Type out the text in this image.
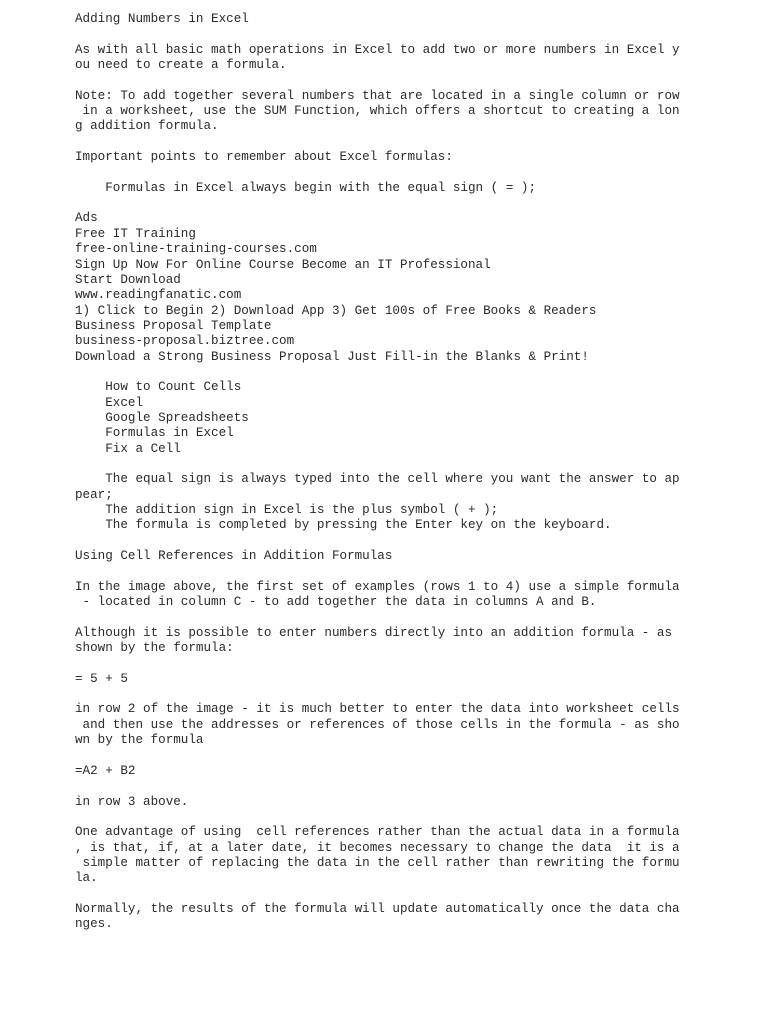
Adding Numbers in Excel
As with all basic math operations in Excel to add two or more numbers in Excel y
ou need to create a formula.
Note: To add together several numbers that are located in a single column or row
in a worksheet, use the SUM Function, which offers a shortcut to creating a lon
g addition formula.
Important points to remember about Excel formulas:
Formulas in Excel always begin with the equal sign ( = );
Ads
Free IT Training
free-online-training-courses.com
Sign Up Now For Online Course Become an IT Professional
Start Download
www.readingfanatic.com
1) Click to Begin 2) Download App 3) Get 100s of Free Books & Readers
Business Proposal Template
business-proposal.biztree.com
Download a Strong Business Proposal Just Fill-in the Blanks & Print!
How to Count Cells
Excel
Google Spreadsheets
Formulas in Excel
Fix a Cell
The equal sign is always typed into the cell where you want the answer to ap
pear;
The addition sign in Excel is the plus symbol ( + );
The formula is completed by pressing the Enter key on the keyboard.
Using Cell References in Addition Formulas
In the image above, the first set of examples (rows 1 to 4) use a simple formula
- located in column C - to add together the data in columns A and B.
Although it is possible to enter numbers directly into an addition formula - as
shown by the formula:
= 5 + 5
in row 2 of the image - it is much better to enter the data into worksheet cells
and then use the addresses or references of those cells in the formula - as sho
wn by the formula
=A2 + B2
in row 3 above.
One advantage of using  cell references rather than the actual data in a formula
, is that, if, at a later date, it becomes necessary to change the data  it is a
simple matter of replacing the data in the cell rather than rewriting the formu
la.
Normally, the results of the formula will update automatically once the data cha
nges.
